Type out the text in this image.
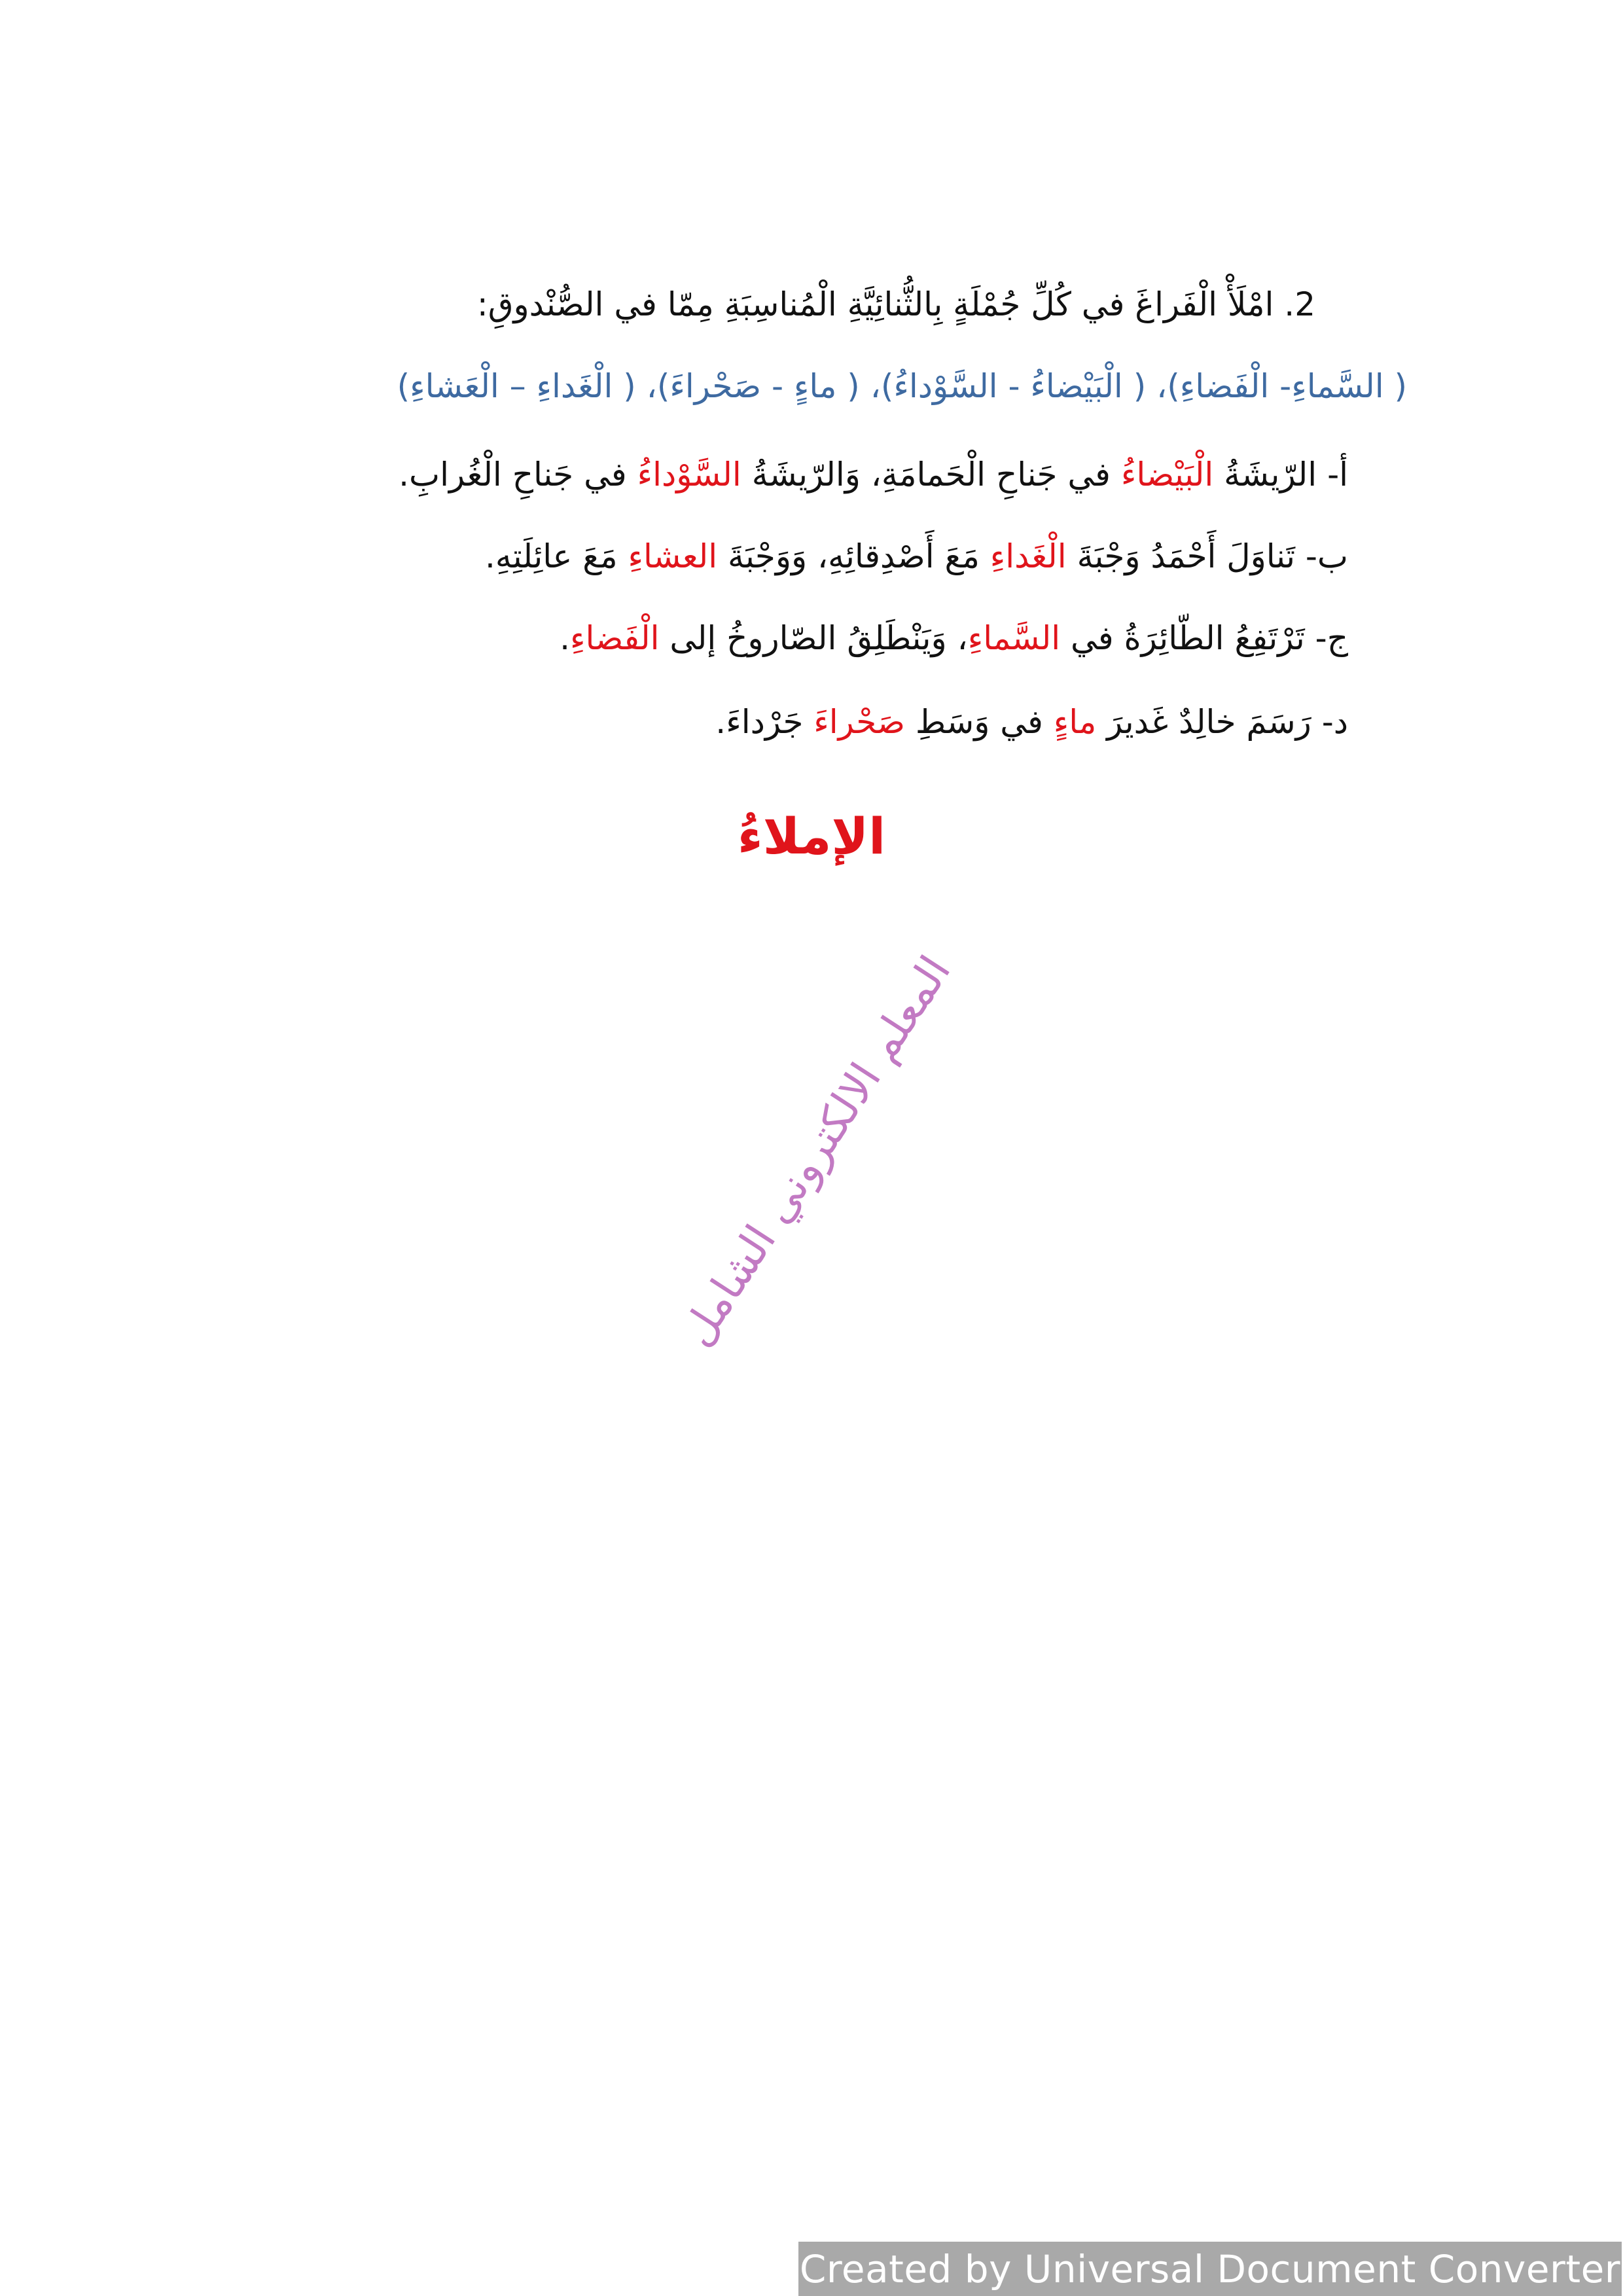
2. امْلَأْ الْفَراغَ في كُلِّ جُمْلَةٍ بِالثُّنائِيَّةِ الْمُناسِبَةِ مِمّا في الصُّنْدوقِ:
( السَّماءِ- الْفَضاءِ)، ( الْبَيْضاءُ - السَّوْداءُ)، ( ماءٍ - صَحْراءَ)، ( الْغَداءِ – الْعَشاءِ)
أ- الرّيشَةُ الْبَيْضاءُ في جَناحِ الْحَمامَةِ، وَالرّيشَةُ السَّوْداءُ في جَناحِ الْغُرابِ.
ب- تَناوَلَ أَحْمَدُ وَجْبَةَ الْغَداءِ مَعَ أَصْدِقائِهِ، وَوَجْبَةَ العشاءِ مَعَ عائِلَتِهِ.
ج- تَرْتَفِعُ الطّائِرَةُ في السَّماءِ، وَيَنْطَلِقُ الصّاروخُ إلى الْفَضاءِ.
د- رَسَمَ خالِدٌ غَديرَ ماءٍ في وَسَطِ صَحْراءَ جَرْداءَ.
الإملاءُ
المعلم الالكتروني الشامل
Created by Universal Document Converter
